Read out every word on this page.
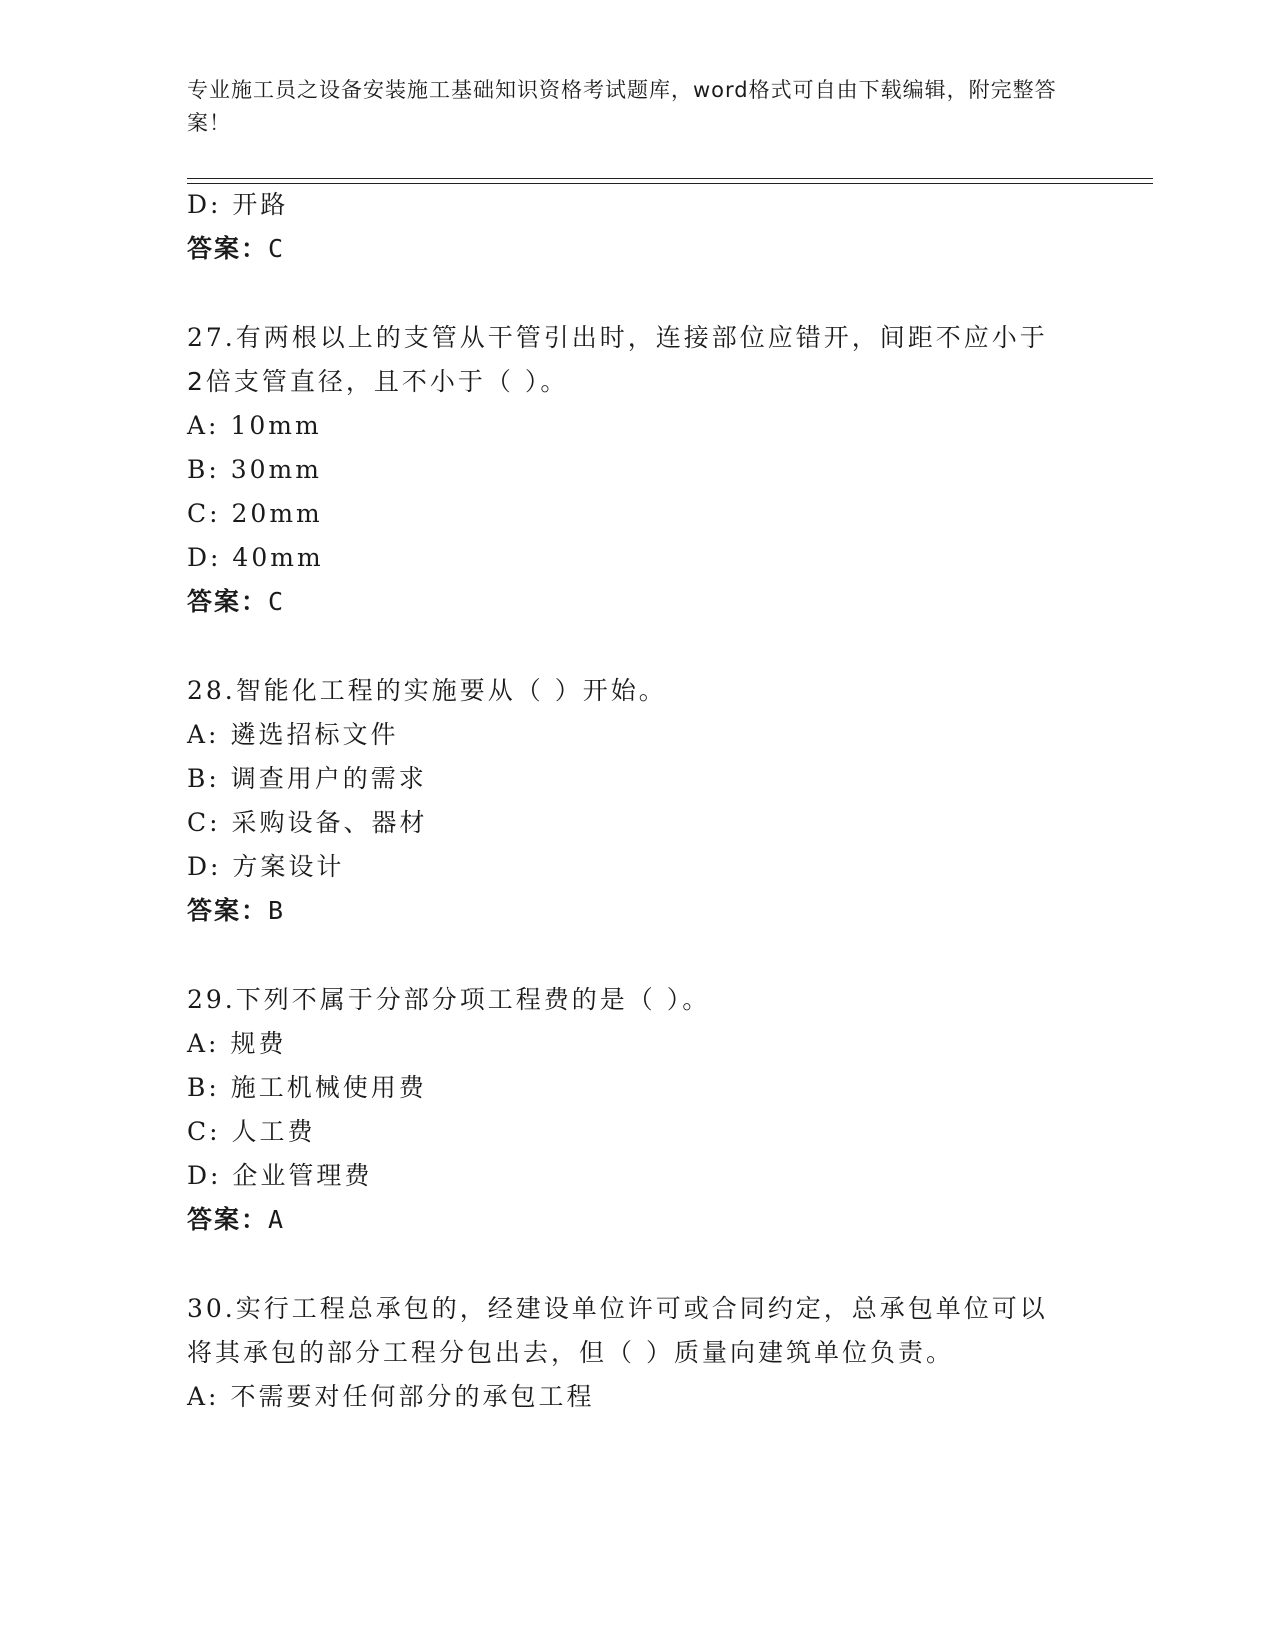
专业施工员之设备安装施工基础知识资格考试题库，word格式可自由下载编辑，附完整答案！
D: 开路
答案：C
27.有两根以上的支管从干管引出时，连接部位应错开，间距不应小于
2倍支管直径，且不小于（ ）。
A: 10mm
B: 30mm
C: 20mm
D: 40mm
答案：C
28.智能化工程的实施要从（ ）开始。
A: 遴选招标文件
B: 调查用户的需求
C: 采购设备、器材
D: 方案设计
答案：B
29.下列不属于分部分项工程费的是（ ）。
A: 规费
B: 施工机械使用费
C: 人工费
D: 企业管理费
答案：A
30.实行工程总承包的，经建设单位许可或合同约定，总承包单位可以
将其承包的部分工程分包出去，但（ ）质量向建筑单位负责。
A: 不需要对任何部分的承包工程
